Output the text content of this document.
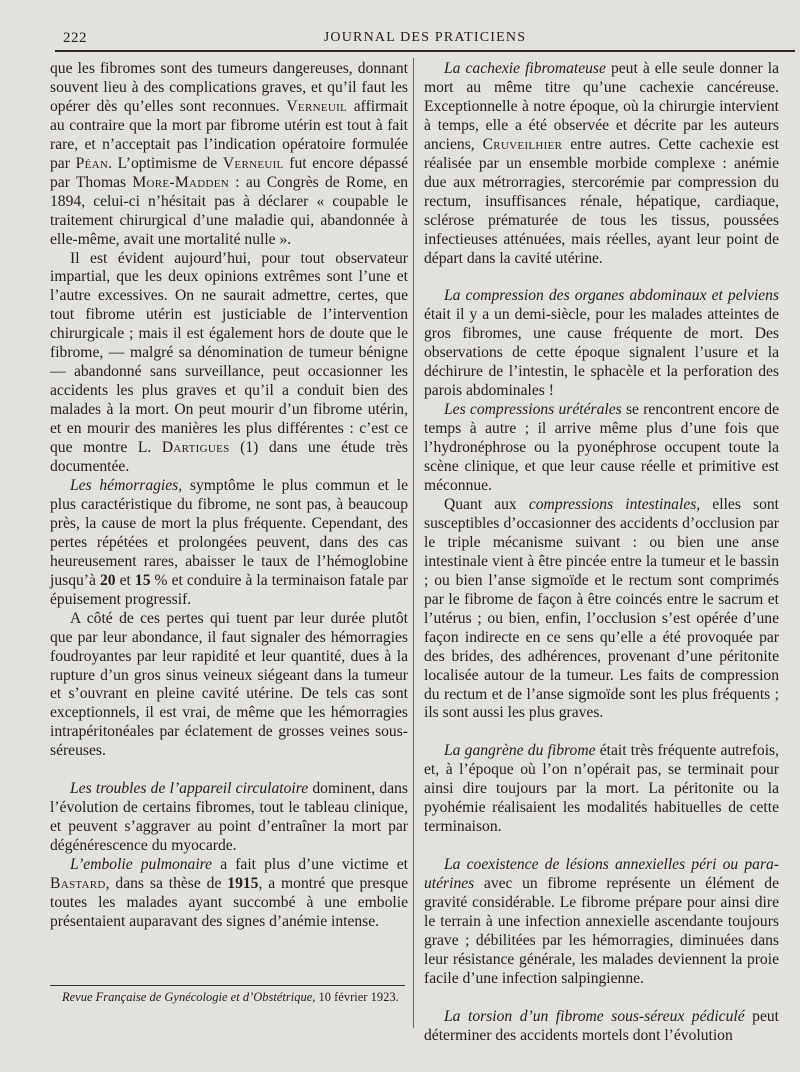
222	JOURNAL DES PRATICIENS

que les fibromes sont des tumeurs dangereuses, donnant souvent lieu à des complications graves, et qu’il faut les opérer dès qu’elles sont reconnues. Verneuil affirmait au contraire que la mort par fibrome utérin est tout à fait rare, et n’acceptait pas l’indication opératoire formulée par Péan. L’optimisme de Verneuil fut encore dépassé par Thomas More-Madden : au Congrès de Rome, en 1894, celui-ci n’hésitait pas à déclarer « coupable le traitement chirurgical d’une maladie qui, abandonnée à elle-même, avait une mortalité nulle ».

Il est évident aujourd’hui, pour tout observateur impartial, que les deux opinions extrêmes sont l’une et l’autre excessives. On ne saurait admettre, certes, que tout fibrome utérin est justiciable de l’intervention chirurgicale ; mais il est également hors de doute que le fibrome, — malgré sa dénomination de tumeur bénigne — abandonné sans surveillance, peut occasionner les accidents les plus graves et qu’il a conduit bien des malades à la mort. On peut mourir d’un fibrome utérin, et en mourir des manières les plus différentes : c’est ce que montre L. Dartigues (1) dans une étude très documentée.

Les hémorragies, symptôme le plus commun et le plus caractéristique du fibrome, ne sont pas, à beaucoup près, la cause de mort la plus fréquente. Cependant, des pertes répétées et prolongées peuvent, dans des cas heureusement rares, abaisser le taux de l’hémoglobine jusqu’à 20 et 15 % et conduire à la terminaison fatale par épuisement progressif.

A côté de ces pertes qui tuent par leur durée plutôt que par leur abondance, il faut signaler des hémorragies foudroyantes par leur rapidité et leur quantité, dues à la rupture d’un gros sinus veineux siégeant dans la tumeur et s’ouvrant en pleine cavité utérine. De tels cas sont exceptionnels, il est vrai, de même que les hémorragies intrapéritonéales par éclatement de grosses veines sous-séreuses.

Les troubles de l’appareil circulatoire dominent, dans l’évolution de certains fibromes, tout le tableau clinique, et peuvent s’aggraver au point d’entraîner la mort par dégénérescence du myocarde.

L’embolie pulmonaire a fait plus d’une victime et Bastard, dans sa thèse de 1915, a montré que presque toutes les malades ayant succombé à une embolie présentaient auparavant des signes d’anémie intense.

La cachexie fibromateuse peut à elle seule donner la mort au même titre qu’une cachexie cancéreuse. Exceptionnelle à notre époque, où la chirurgie intervient à temps, elle a été observée et décrite par les auteurs anciens, Cruveilhier entre autres. Cette cachexie est réalisée par un ensemble morbide complexe : anémie due aux métrorragies, stercorémie par compression du rectum, insuffisances rénale, hépatique, cardiaque, sclérose prématurée de tous les tissus, poussées infectieuses atténuées, mais réelles, ayant leur point de départ dans la cavité utérine.

La compression des organes abdominaux et pelviens était il y a un demi-siècle, pour les malades atteintes de gros fibromes, une cause fréquente de mort. Des observations de cette époque signalent l’usure et la déchirure de l’intestin, le sphacèle et la perforation des parois abdominales !

Les compressions urétérales se rencontrent encore de temps à autre ; il arrive même plus d’une fois que l’hydronéphrose ou la pyonéphrose occupent toute la scène clinique, et que leur cause réelle et primitive est méconnue.

Quant aux compressions intestinales, elles sont susceptibles d’occasionner des accidents d’occlusion par le triple mécanisme suivant : ou bien une anse intestinale vient à être pincée entre la tumeur et le bassin ; ou bien l’anse sigmoïde et le rectum sont comprimés par le fibrome de façon à être coincés entre le sacrum et l’utérus ; ou bien, enfin, l’occlusion s’est opérée d’une façon indirecte en ce sens qu’elle a été provoquée par des brides, des adhérences, provenant d’une péritonite localisée autour de la tumeur. Les faits de compression du rectum et de l’anse sigmoïde sont les plus fréquents ; ils sont aussi les plus graves.

La gangrène du fibrome était très fréquente autrefois, et, à l’époque où l’on n’opérait pas, se terminait pour ainsi dire toujours par la mort. La péritonite ou la pyohémie réalisaient les modalités habituelles de cette terminaison.

La coexistence de lésions annexielles péri ou para-utérines avec un fibrome représente un élément de gravité considérable. Le fibrome prépare pour ainsi dire le terrain à une infection annexielle ascendante toujours grave ; débilitées par les hémorragies, diminuées dans leur résistance générale, les malades deviennent la proie facile d’une infection salpingienne.

La torsion d’un fibrome sous-séreux pédiculé peut déterminer des accidents mortels dont l’évolution

Revue Française de Gynécologie et d’Obstétrique, 10 février 1923.
